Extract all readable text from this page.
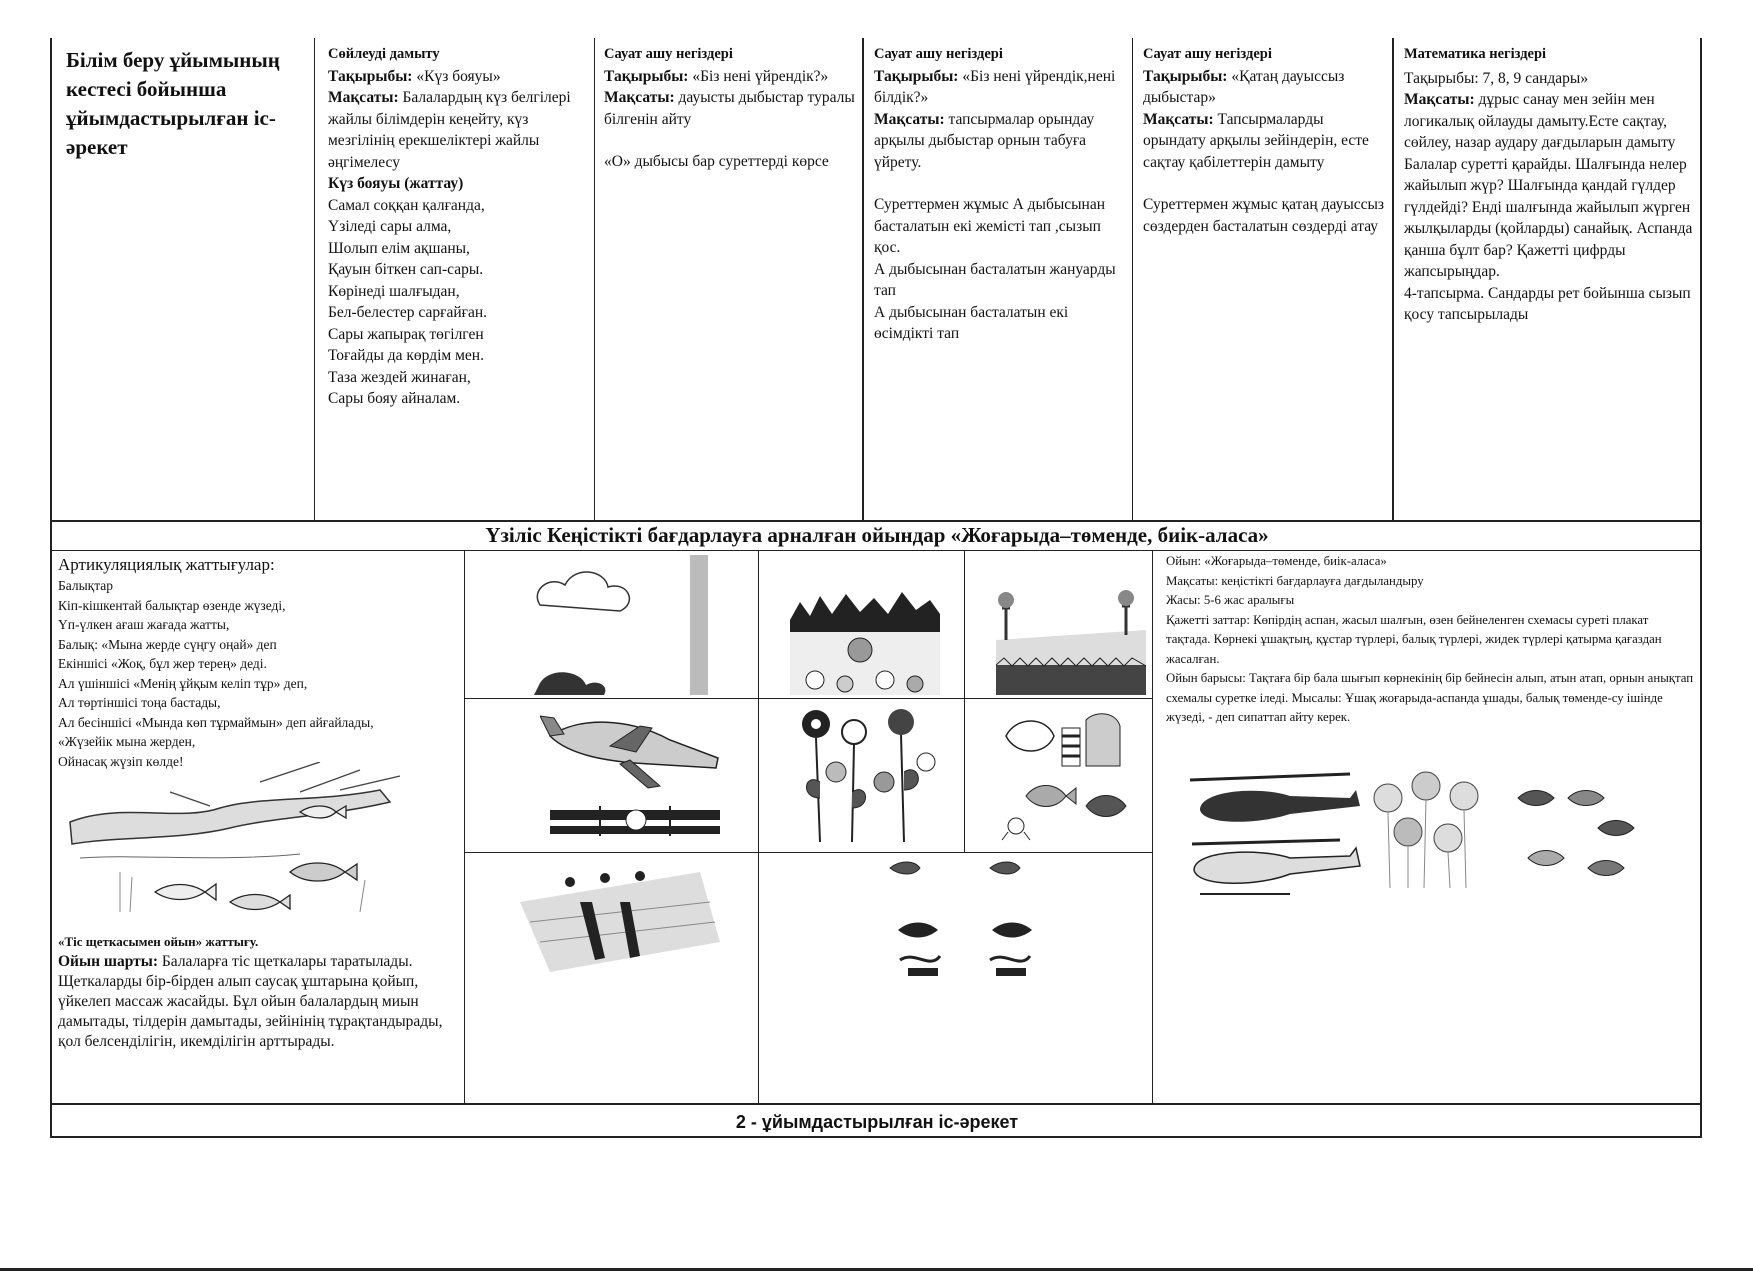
Білім беру ұйымының кестесі бойынша ұйымдастырылған іс-әрекет
Сөйлеуді дамыту
Тақырыбы: «Күз бояуы»
Мақсаты: Балалардың күз белгілері жайлы білімдерін кеңейту, күз мезгілінің ерекшеліктері жайлы әңгімелесу
Күз бояуы (жаттау)
Самал соққан қалғанда,
Үзіледі сары алма,
Шолып елім ақшаны,
Қауын біткен сап-сары.
Көрінеді шалғыдан,
Бел-белестер сарғайған.
Сары жапырақ төгілген
Тоғайды да көрдім мен.
Таза жездей жинаған,
Сары бояу айналам.
Сауат ашу негіздері
Тақырыбы: «Біз нені үйрендік?»
Мақсаты: дауысты дыбыстар туралы білгенін айту
«О» дыбысы бар суреттерді көрсе
Сауат ашу негіздері
Тақырыбы: «Біз нені үйрендік,нені білдік?»
Мақсаты: тапсырмалар орындау арқылы дыбыстар орнын табуға үйрету.
Суреттермен жұмыс А дыбысынан басталатын екі жемісті тап ,сызып қос.
А дыбысынан басталатын жануарды тап
А дыбысынан басталатын екі өсімдікті тап
Сауат ашу негіздері
Тақырыбы: «Қатаң дауыссыз дыбыстар»
Мақсаты: Тапсырмаларды орындату арқылы зейіндерін, есте сақтау қабілеттерін дамыту
Суреттермен жұмыс қатаң дауыссыз сөздерден басталатын сөздерді атау
Математика негіздері
Тақырыбы: 7, 8, 9 сандары»
Мақсаты: дұрыс санау мен зейін мен логикалық ойлауды дамыту.Есте сақтау, сөйлеу, назар аудару дағдыларын дамыту Балалар суретті қарайды. Шалғында нелер жайылып жүр? Шалғында қандай гүлдер гүлдейді? Енді шалғында жайылып жүрген жылқыларды (қойларды) санайық. Аспанда қанша бұлт бар? Қажетті цифрды жапсырыңдар.
4-тапсырма. Сандарды рет бойынша сызып қосу тапсырылады
Үзіліс Кеңістікті бағдарлауға арналған ойындар «Жоғарыда–төменде, биік-аласа»
Артикуляциялық жаттығулар:
Балықтар
Кіп-кішкентай балықтар өзенде жүзеді,
Үп-үлкен ағаш жағада жатты,
Балық: «Мына жерде сүңгу оңай» деп
Екіншісі «Жоқ, бұл жер терең» деді.
Ал үшіншісі «Менің ұйқым келіп тұр» деп,
Ал төртіншісі тоңа бастады,
Ал бесіншісі «Мында көп тұрмаймын» деп айғайлады,
«Жүзейік мына жерден,
Ойнасақ жүзіп көлде!
«Тіс щеткасымен ойын» жаттығу.
Ойын шарты: Балаларға тіс щеткалары таратылады. Щеткаларды бір-бірден алып саусақ ұштарына қойып, үйкелеп массаж жасайды. Бұл ойын балалардың миын дамытады, тілдерін дамытады, зейінінің тұрақтандырады, қол белсенділігін, икемділігін арттырады.
Ойын: «Жоғарыда–төменде, биік-аласа»
Мақсаты: кеңістікті бағдарлауға дағдыландыру
Жасы: 5-6 жас аралығы
Қажетті заттар: Көпірдің аспан, жасыл шалғын, өзен бейнеленген схемасы суреті плакат тақтада. Көрнекі ұшақтың, құстар түрлері, балық түрлері, жидек түрлері қатырма қағаздан жасалған.
Ойын барысы: Тақтаға бір бала шығып көрнекінің бір бейнесін алып, атын атап, орнын анықтап схемалы суретке іледі. Мысалы: Ұшақ жоғарыда-аспанда ұшады, балық төменде-су ішінде жүзеді, - деп сипаттап айту керек.
2 - ұйымдастырылған іс-әрекет
